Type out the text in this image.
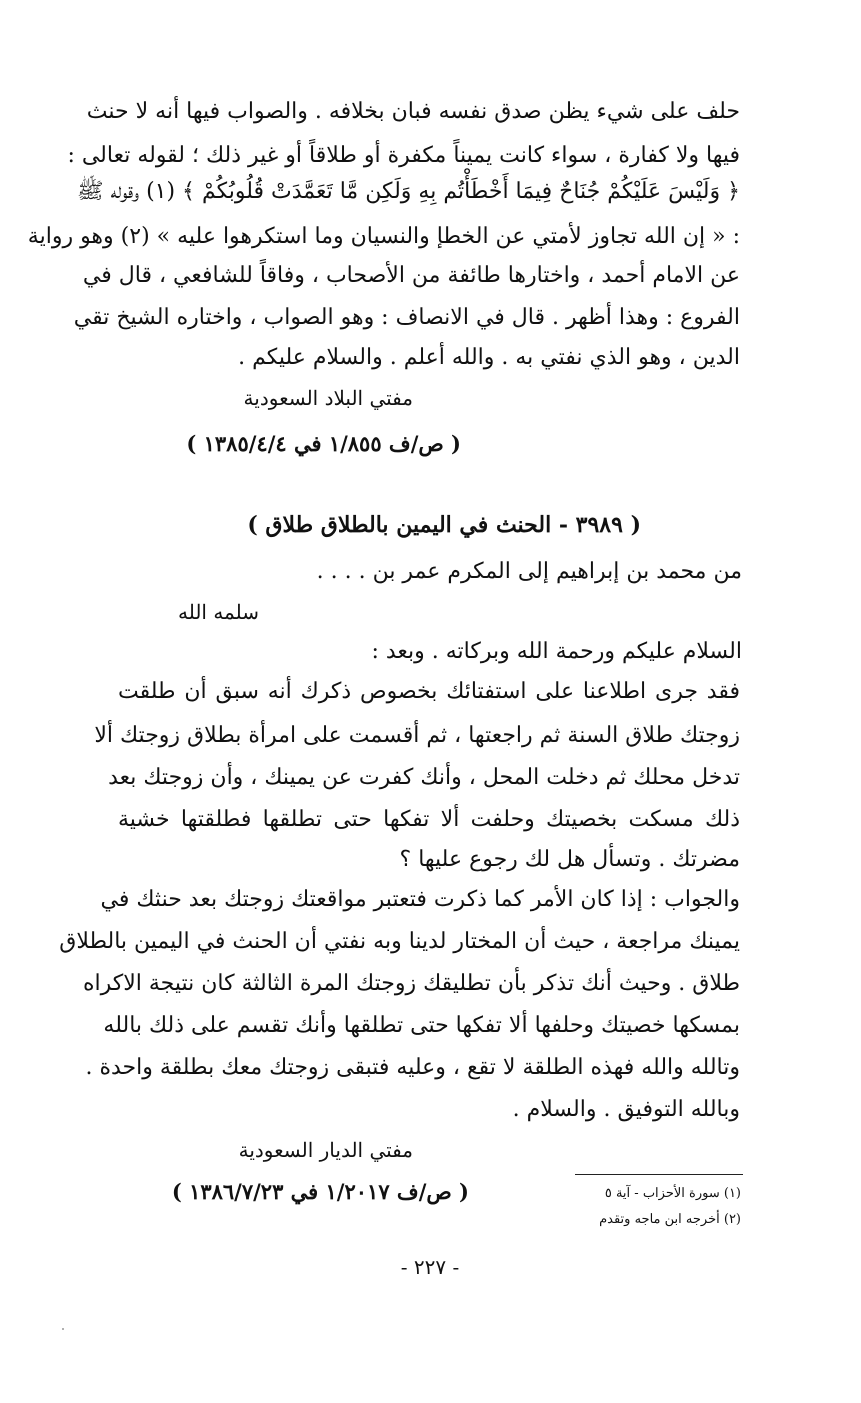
حلف على شيء يظن صدق نفسه فبان بخلافه . والصواب فيها أنه لا حنث
فيها ولا كفارة ، سواء كانت يميناً مكفرة أو طلاقاً أو غير ذلك ؛ لقوله تعالى :
﴿ وَلَيْسَ عَلَيْكُمْ جُنَاحٌ فِيمَا أَخْطَأْتُم بِهِ وَلَكِن مَّا تَعَمَّدَتْ قُلُوبُكُمْ ﴾ (١) وقوله ﷺ
: « إن الله تجاوز لأمتي عن الخطإ والنسيان وما استكرهوا عليه » (٢) وهو رواية
عن الامام أحمد ، واختارها طائفة من الأصحاب ، وفاقاً للشافعي ، قال في
الفروع : وهذا أظهر . قال في الانصاف : وهو الصواب ، واختاره الشيخ تقي
الدين ، وهو الذي نفتي به . والله أعلم . والسلام عليكم .
مفتي البلاد السعودية
( ص/ف ١/٨٥٥ في ١٣٨٥/٤/٤ )
( ٣٩٨٩ - الحنث في اليمين بالطلاق طلاق )
من محمد بن إبراهيم إلى المكرم عمر بن . . . .
سلمه الله
السلام عليكم ورحمة الله وبركاته . وبعد :
فقد جرى اطلاعنا على استفتائك بخصوص ذكرك أنه سبق أن طلقت
زوجتك طلاق السنة ثم راجعتها ، ثم أقسمت على امرأة بطلاق زوجتك ألا
تدخل محلك ثم دخلت المحل ، وأنك كفرت عن يمينك ، وأن زوجتك بعد
ذلك مسكت بخصيتك وحلفت ألا تفكها حتى تطلقها فطلقتها خشية
مضرتك . وتسأل هل لك رجوع عليها ؟
والجواب : إذا كان الأمر كما ذكرت فتعتبر مواقعتك زوجتك بعد حنثك في
يمينك مراجعة ، حيث أن المختار لدينا وبه نفتي أن الحنث في اليمين بالطلاق
طلاق . وحيث أنك تذكر بأن تطليقك زوجتك المرة الثالثة كان نتيجة الاكراه
بمسكها خصيتك وحلفها ألا تفكها حتى تطلقها وأنك تقسم على ذلك بالله
وتالله والله فهذه الطلقة لا تقع ، وعليه فتبقى زوجتك معك بطلقة واحدة .
وبالله التوفيق . والسلام .
مفتي الديار السعودية
( ص/ف ١/٢٠١٧ في ١٣٨٦/٧/٢٣ )	(١) سورة الأحزاب - آية ٥
(٢) أخرجه ابن ماجه وتقدم
- ٢٢٧ -
